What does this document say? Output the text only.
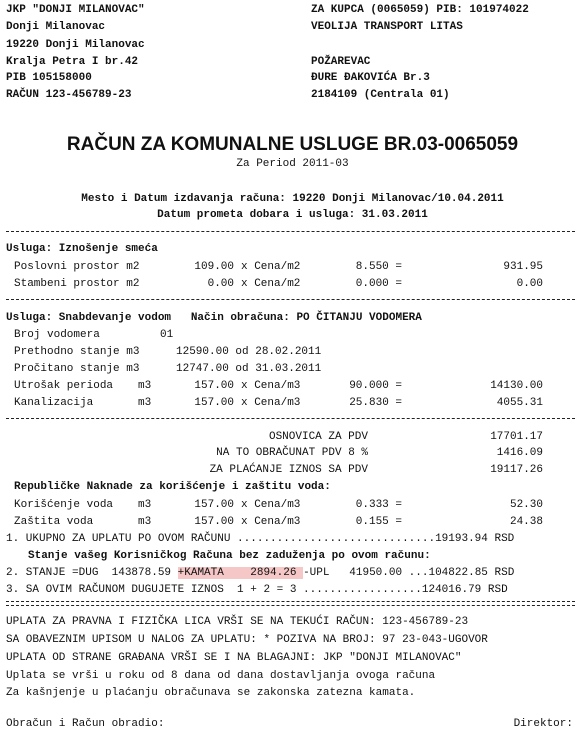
JKP "DONJI MILANOVAC"
Donji Milanovac
19220 Donji Milanovac
Kralja Petra I br.42
PIB 105158000
RAČUN 123-456789-23
ZA KUPCA (0065059) PIB: 101974022
VEOLIJA TRANSPORT LITAS
POŽAREVAC
ĐURE ĐAKOVIĆA Br.3
2184109 (Centrala 01)
RAČUN ZA KOMUNALNE USLUGE BR.03-0065059
Za Period 2011-03
Mesto i Datum izdavanja računa: 19220 Donji Milanovac/10.04.2011
Datum prometa dobara i usluga: 31.03.2011
Usluga: Iznošenje smeća
Poslovni prostor m2	109.00 x Cena/m2	8.550 =	931.95
Stambeni prostor m2	0.00 x Cena/m2	0.000 =	0.00
Usluga: Snabdevanje vodom   Način obračuna: PO ČITANJU VODOMERA
Broj vodomera	01
Prethodno stanje m3	12590.00 od 28.02.2011
Pročitano stanje m3	12747.00 od 31.03.2011
Utrošak perioda m3	157.00 x Cena/m3	90.000 =	14130.00
Kanalizacija	m3	157.00 x Cena/m3	25.830 =	4055.31
OSNOVICA ZA PDV	17701.17
NA TO OBRAČUNAT PDV 8 %	1416.09
ZA PLAĆANJE IZNOS SA PDV	19117.26
Republičke Naknade za korišćenje i zaštitu voda:
Korišćenje voda m3	157.00 x Cena/m3	0.333 =	52.30
Zaštita voda	m3	157.00 x Cena/m3	0.155 =	24.38
1. UKUPNO ZA UPLATU PO OVOM RAČUNU ..............................19193.94 RSD
Stanje vašeg Korisničkog Računa bez zaduženja po ovom računu:
2. STANJE =DUG  143878.59 +KAMATA    2894.26 -UPL   41950.00 ...104822.85 RSD
3. SA OVIM RAČUNOM DUGUJETE IZNOS  1 + 2 = 3 ..................124016.79 RSD
UPLATA ZA PRAVNA I FIZIČKA LICA VRŠI SE NA TEKUĆI RAČUN: 123-456789-23
SA OBAVEZNIM UPISOM U NALOG ZA UPLATU: * POZIVA NA BROJ: 97 23-043-UGOVOR
UPLATA OD STRANE GRAĐANA VRŠI SE I NA BLAGAJNI: JKP "DONJI MILANOVAC"
Uplata se vrši u roku od 8 dana od dana dostavljanja ovoga računa
Za kašnjenje u plaćanju obračunava se zakonska zatezna kamata.
Obračun i Račun obradio:	Direktor:
